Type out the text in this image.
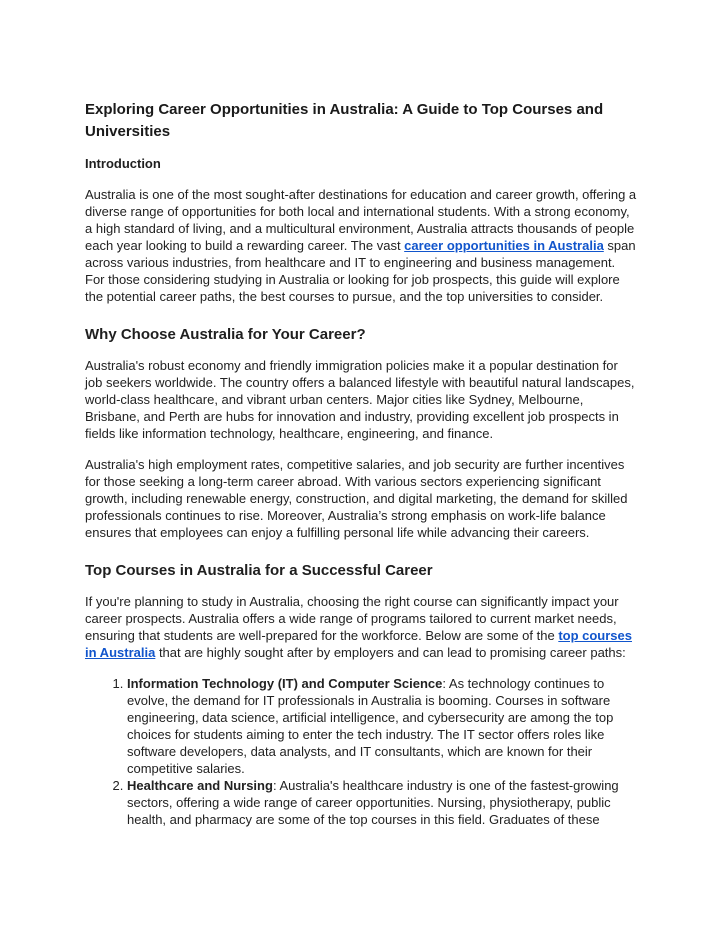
Exploring Career Opportunities in Australia: A Guide to Top Courses and Universities
Introduction

Australia is one of the most sought-after destinations for education and career growth, offering a diverse range of opportunities for both local and international students. With a strong economy, a high standard of living, and a multicultural environment, Australia attracts thousands of people each year looking to build a rewarding career. The vast career opportunities in Australia span across various industries, from healthcare and IT to engineering and business management. For those considering studying in Australia or looking for job prospects, this guide will explore the potential career paths, the best courses to pursue, and the top universities to consider.

Why Choose Australia for Your Career?

Australia's robust economy and friendly immigration policies make it a popular destination for job seekers worldwide. The country offers a balanced lifestyle with beautiful natural landscapes, world-class healthcare, and vibrant urban centers. Major cities like Sydney, Melbourne, Brisbane, and Perth are hubs for innovation and industry, providing excellent job prospects in fields like information technology, healthcare, engineering, and finance.

Australia's high employment rates, competitive salaries, and job security are further incentives for those seeking a long-term career abroad. With various sectors experiencing significant growth, including renewable energy, construction, and digital marketing, the demand for skilled professionals continues to rise. Moreover, Australia’s strong emphasis on work-life balance ensures that employees can enjoy a fulfilling personal life while advancing their careers.

Top Courses in Australia for a Successful Career

If you're planning to study in Australia, choosing the right course can significantly impact your career prospects. Australia offers a wide range of programs tailored to current market needs, ensuring that students are well-prepared for the workforce. Below are some of the top courses in Australia that are highly sought after by employers and can lead to promising career paths:

1. Information Technology (IT) and Computer Science: As technology continues to evolve, the demand for IT professionals in Australia is booming. Courses in software engineering, data science, artificial intelligence, and cybersecurity are among the top choices for students aiming to enter the tech industry. The IT sector offers roles like software developers, data analysts, and IT consultants, which are known for their competitive salaries.
2. Healthcare and Nursing: Australia's healthcare industry is one of the fastest-growing sectors, offering a wide range of career opportunities. Nursing, physiotherapy, public health, and pharmacy are some of the top courses in this field. Graduates of these
